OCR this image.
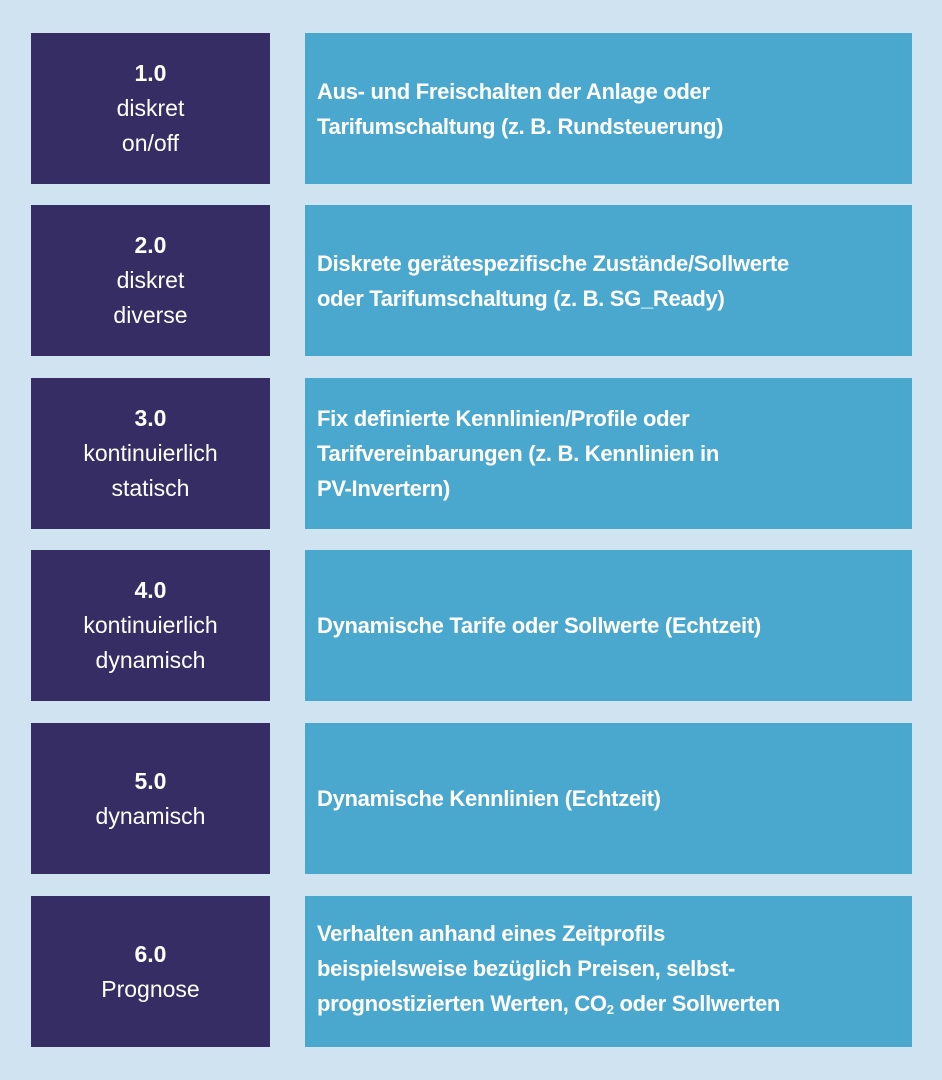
1.0
diskret
on/off
Aus- und Freischalten der Anlage oder
Tarifumschaltung (z. B. Rundsteuerung)
2.0
diskret
diverse
Diskrete gerätespezifische Zustände/Sollwerte
oder Tarifumschaltung (z. B. SG_Ready)
3.0
kontinuierlich
statisch
Fix definierte Kennlinien/Profile oder
Tarifvereinbarungen (z. B. Kennlinien in
PV-Invertern)
4.0
kontinuierlich
dynamisch
Dynamische Tarife oder Sollwerte (Echtzeit)
5.0
dynamisch
Dynamische Kennlinien (Echtzeit)
6.0
Prognose
Verhalten anhand eines Zeitprofils
beispielsweise bezüglich Preisen, selbst-
prognostizierten Werten, $CO_2$ oder Sollwerten
